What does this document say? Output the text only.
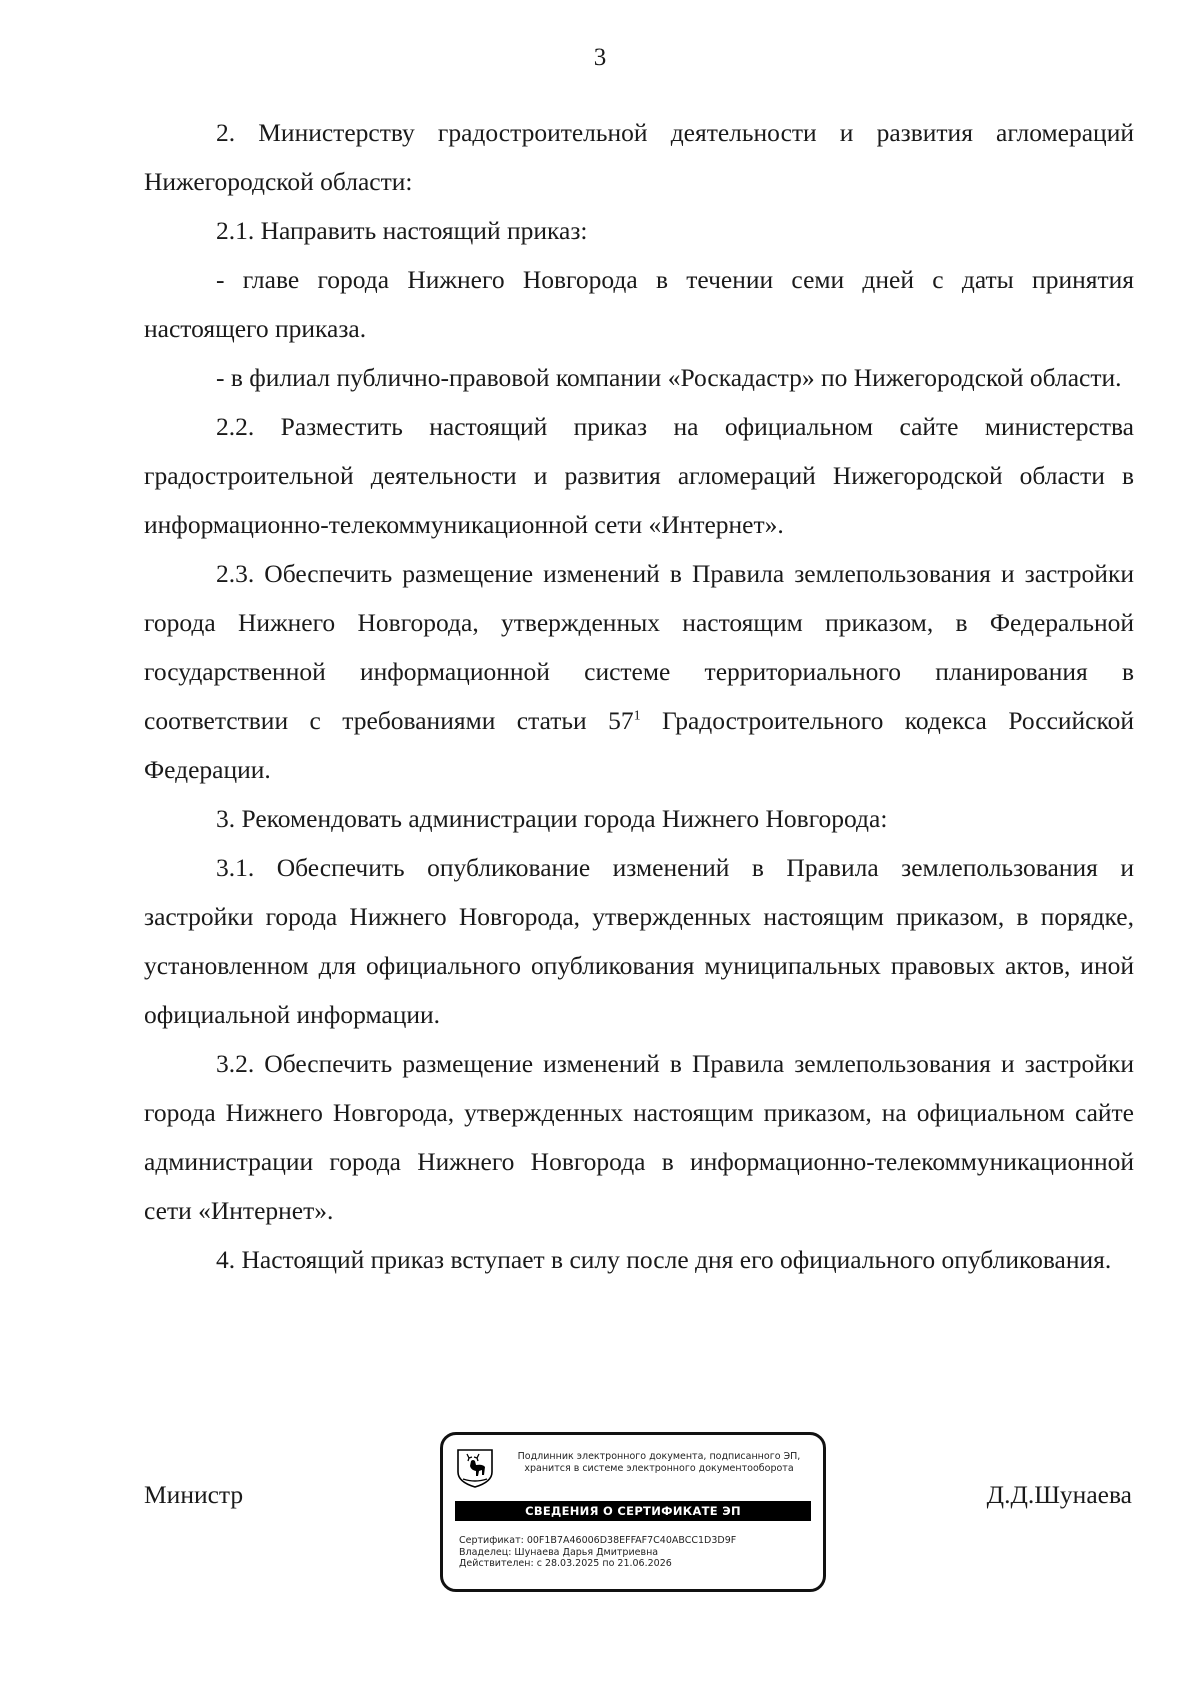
3

2. Министерству градостроительной деятельности и развития агломераций Нижегородской области:

2.1. Направить настоящий приказ:

- главе города Нижнего Новгорода в течении семи дней с даты принятия настоящего приказа.

- в филиал публично-правовой компании «Роскадастр» по Нижегородской области.

2.2. Разместить настоящий приказ на официальном сайте министерства градостроительной деятельности и развития агломераций Нижегородской области в информационно-телекоммуникационной сети «Интернет».

2.3. Обеспечить размещение изменений в Правила землепользования и застройки города Нижнего Новгорода, утвержденных настоящим приказом, в Федеральной государственной информационной системе территориального планирования в соответствии с требованиями статьи $57^1$ Градостроительного кодекса Российской Федерации.

3. Рекомендовать администрации города Нижнего Новгорода:

3.1. Обеспечить опубликование изменений в Правила землепользования и застройки города Нижнего Новгорода, утвержденных настоящим приказом, в порядке, установленном для официального опубликования муниципальных правовых актов, иной официальной информации.

3.2. Обеспечить размещение изменений в Правила землепользования и застройки города Нижнего Новгорода, утвержденных настоящим приказом, на официальном сайте администрации города Нижнего Новгорода в информационно-телекоммуникационной сети «Интернет».

4. Настоящий приказ вступает в силу после дня его официального опубликования.

Министр	Д.Д.Шунаева
Подлинник электронного документа, подписанного ЭП,
хранится в системе электронного документооборота
СВЕДЕНИЯ О СЕРТИФИКАТЕ ЭП
Сертификат: 00F1B7A46006D38EFFAF7C40ABCC1D3D9F
Владелец: Шунаева Дарья Дмитриевна
Действителен: с 28.03.2025 по 21.06.2026
